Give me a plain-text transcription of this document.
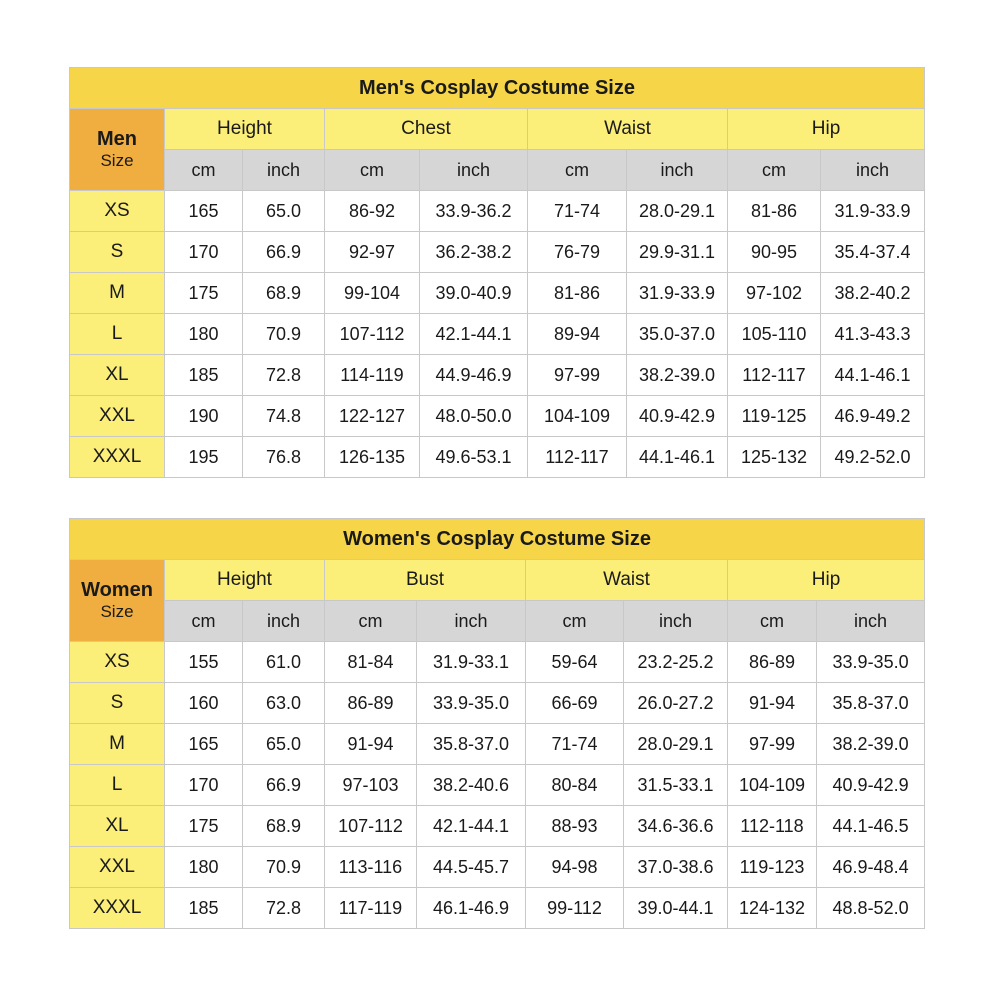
Men's Cosplay Costume Size								

Men
Size	Height		Chest		Waist		Hip	
	cm	inch	cm	inch	cm	inch	cm	inch
XS	165	65.0	86-92	33.9-36.2	71-74	28.0-29.1	81-86	31.9-33.9
S	170	66.9	92-97	36.2-38.2	76-79	29.9-31.1	90-95	35.4-37.4
M	175	68.9	99-104	39.0-40.9	81-86	31.9-33.9	97-102	38.2-40.2
L	180	70.9	107-112	42.1-44.1	89-94	35.0-37.0	105-110	41.3-43.3
XL	185	72.8	114-119	44.9-46.9	97-99	38.2-39.0	112-117	44.1-46.1
XXL	190	74.8	122-127	48.0-50.0	104-109	40.9-42.9	119-125	46.9-49.2
XXXL	195	76.8	126-135	49.6-53.1	112-117	44.1-46.1	125-132	49.2-52.0
Women's Cosplay Costume Size								

Women
Size	Height		Bust		Waist		Hip	
	cm	inch	cm	inch	cm	inch	cm	inch
XS	155	61.0	81-84	31.9-33.1	59-64	23.2-25.2	86-89	33.9-35.0
S	160	63.0	86-89	33.9-35.0	66-69	26.0-27.2	91-94	35.8-37.0
M	165	65.0	91-94	35.8-37.0	71-74	28.0-29.1	97-99	38.2-39.0
L	170	66.9	97-103	38.2-40.6	80-84	31.5-33.1	104-109	40.9-42.9
XL	175	68.9	107-112	42.1-44.1	88-93	34.6-36.6	112-118	44.1-46.5
XXL	180	70.9	113-116	44.5-45.7	94-98	37.0-38.6	119-123	46.9-48.4
XXXL	185	72.8	117-119	46.1-46.9	99-112	39.0-44.1	124-132	48.8-52.0
